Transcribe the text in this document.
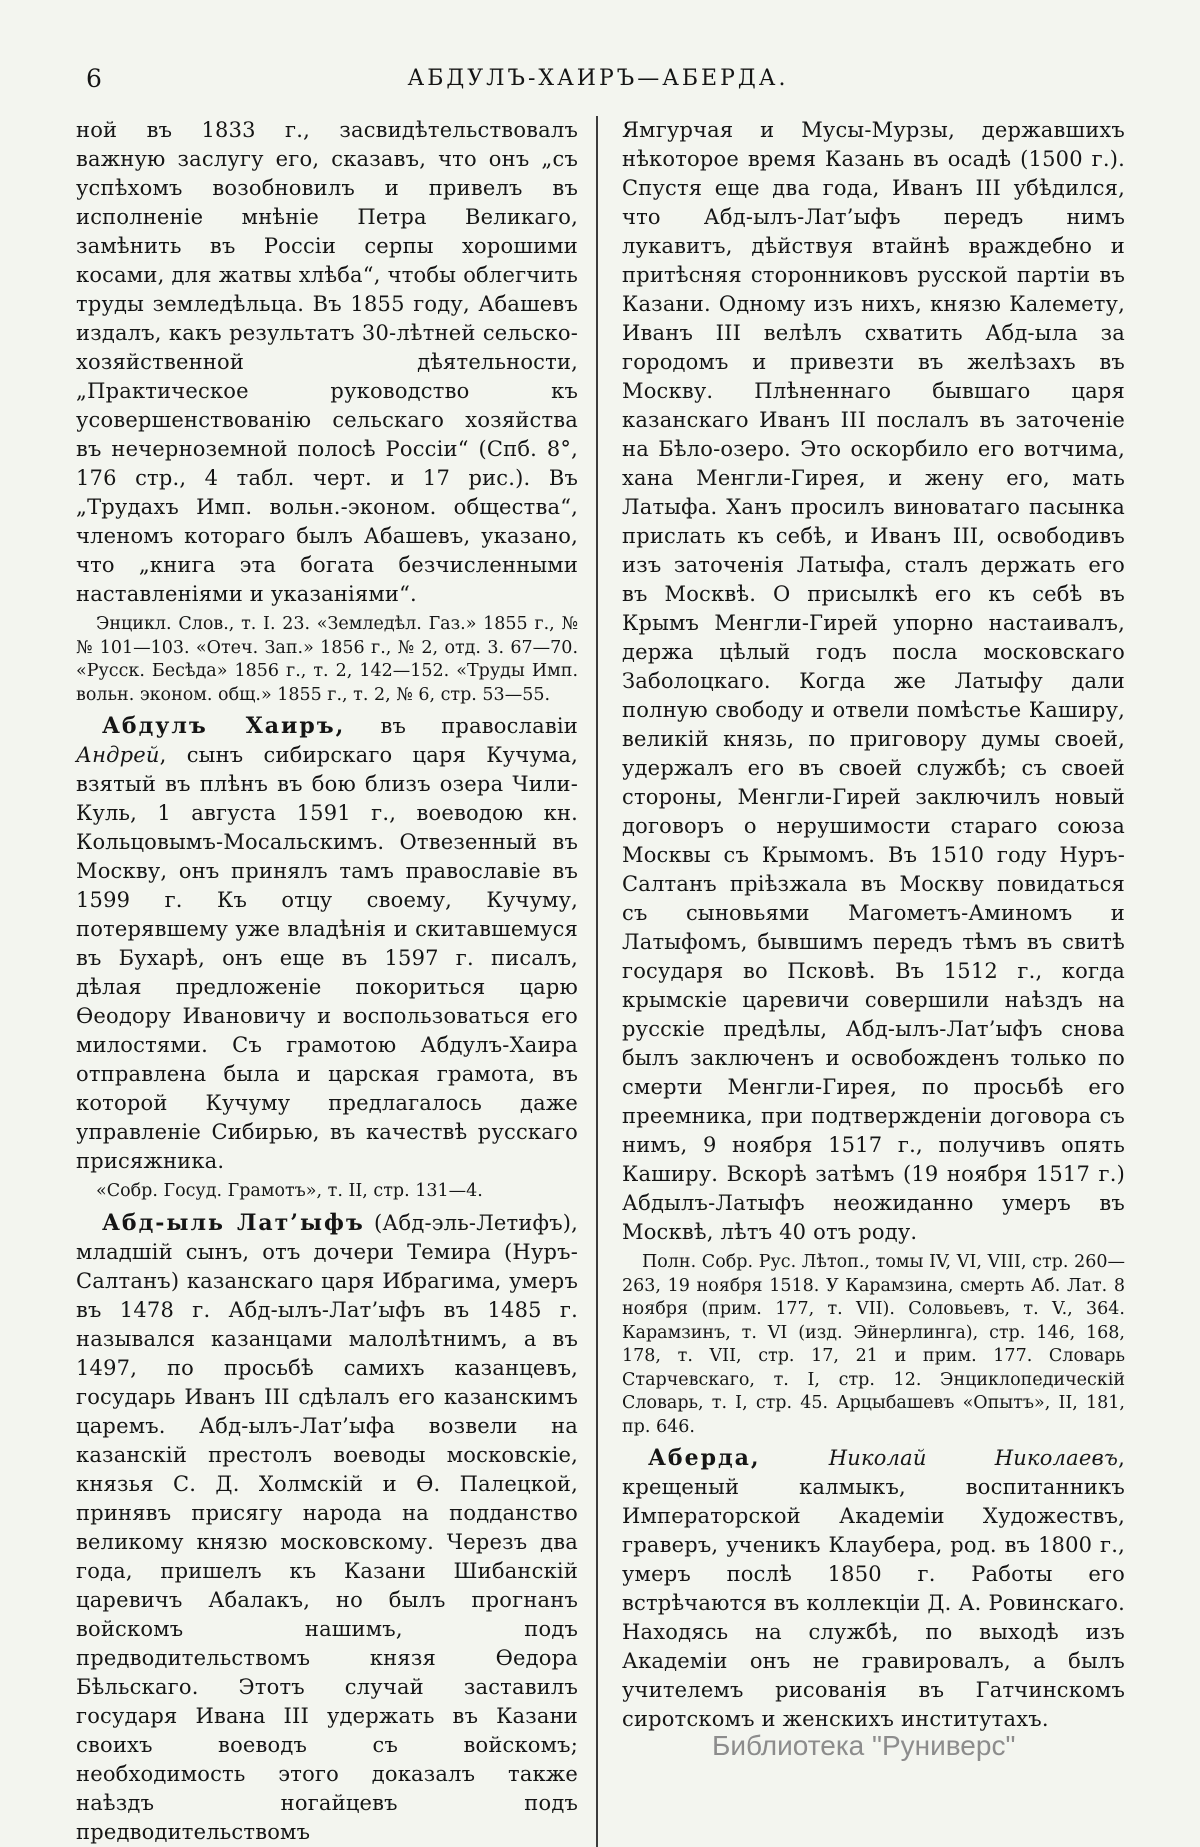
6	АБДУЛЪ-ХАИРЪ—АБЕРДА.

ной въ 1833 г., засвидѣтельствовалъ важную заслугу его, сказавъ, что онъ „съ успѣхомъ возобновилъ и привелъ въ исполненіе мнѣніе Петра Великаго, замѣнить въ Россіи серпы хорошими косами, для жатвы хлѣба“, чтобы облегчить труды земледѣльца. Въ 1855 году, Абашевъ издалъ, какъ результатъ 30-лѣтней сельско-хозяйственной дѣятельности, „Практическое руководство къ усовершенствованію сельскаго хозяйства въ нечерноземной полосѣ Россіи“ (Спб. 8°, 176 стр., 4 табл. черт. и 17 рис.). Въ „Трудахъ Имп. вольн.-эконом. общества“, членомъ котораго былъ Абашевъ, указано, что „книга эта богата безчисленными наставленіями и указаніями“.

Энцикл. Слов., т. I. 23. «Земледѣл. Газ.» 1855 г., №№ 101—103. «Отеч. Зап.» 1856 г., № 2, отд. 3. 67—70. «Русск. Бесѣда» 1856 г., т. 2, 142—152. «Труды Имп. вольн. эконом. общ.» 1855 г., т. 2, № 6, стр. 53—55.

Абдулъ Хаиръ, въ православіи Андрей, сынъ сибирскаго царя Кучума, взятый въ плѣнъ въ бою близъ озера Чили-Куль, 1 августа 1591 г., воеводою кн. Кольцовымъ-Мосальскимъ. Отвезенный въ Москву, онъ принялъ тамъ православіе въ 1599 г. Къ отцу своему, Кучуму, потерявшему уже владѣнія и скитавшемуся въ Бухарѣ, онъ еще въ 1597 г. писалъ, дѣлая предложеніе покориться царю Ѳеодору Ивановичу и воспользоваться его милостями. Съ грамотою Абдулъ-Хаира отправлена была и царская грамота, въ которой Кучуму предлагалось даже управленіе Сибирью, въ качествѣ русскаго присяжника.

«Собр. Госуд. Грамотъ», т. II, стр. 131—4.

Абд-ыль Лат’ыфъ (Абд-эль-Летифъ), младшій сынъ, отъ дочери Темира (Нуръ-Салтанъ) казанскаго царя Ибрагима, умеръ въ 1478 г. Абд-ылъ-Лат’ыфъ въ 1485 г. назывался казанцами малолѣтнимъ, а въ 1497, по просьбѣ самихъ казанцевъ, государь Иванъ III сдѣлалъ его казанскимъ царемъ. Абд-ылъ-Лат’ыфа возвели на казанскій престолъ воеводы московскіе, князья С. Д. Холмскій и Ѳ. Палецкой, принявъ присягу народа на подданство великому князю московскому. Черезъ два года, пришелъ къ Казани Шибанскій царевичъ Абалакъ, но былъ прогнанъ войскомъ нашимъ, подъ предводительствомъ князя Ѳедора Бѣльскаго. Этотъ случай заставилъ государя Ивана III удержать въ Казани своихъ воеводъ съ войскомъ; необходимость этого доказалъ также наѣздъ ногайцевъ подъ предводительствомъ

Ямгурчая и Мусы-Мурзы, державшихъ нѣкоторое время Казань въ осадѣ (1500 г.). Спустя еще два года, Иванъ III убѣдился, что Абд-ылъ-Лат’ыфъ передъ нимъ лукавитъ, дѣйствуя втайнѣ враждебно и притѣсняя сторонниковъ русской партіи въ Казани. Одному изъ нихъ, князю Калемету, Иванъ III велѣлъ схватить Абд-ыла за городомъ и привезти въ желѣзахъ въ Москву. Плѣненнаго бывшаго царя казанскаго Иванъ III послалъ въ заточеніе на Бѣло-озеро. Это оскорбило его вотчима, хана Менгли-Гирея, и жену его, мать Латыфа. Ханъ просилъ виноватаго пасынка прислать къ себѣ, и Иванъ III, освободивъ изъ заточенія Латыфа, сталъ держать его въ Москвѣ. О присылкѣ его къ себѣ въ Крымъ Менгли-Гирей упорно настаивалъ, держа цѣлый годъ посла московскаго Заболоцкаго. Когда же Латыфу дали полную свободу и отвели помѣстье Каширу, великій князь, по приговору думы своей, удержалъ его въ своей службѣ; съ своей стороны, Менгли-Гирей заключилъ новый договоръ о нерушимости стараго союза Москвы съ Крымомъ. Въ 1510 году Нуръ-Салтанъ пріѣзжала въ Москву повидаться съ сыновьями Магометъ-Аминомъ и Латыфомъ, бывшимъ передъ тѣмъ въ свитѣ государя во Псковѣ. Въ 1512 г., когда крымскіе царевичи совершили наѣздъ на русскіе предѣлы, Абд-ылъ-Лат’ыфъ снова былъ заключенъ и освобожденъ только по смерти Менгли-Гирея, по просьбѣ его преемника, при подтвержденіи договора съ нимъ, 9 ноября 1517 г., получивъ опять Каширу. Вскорѣ затѣмъ (19 ноября 1517 г.) Абдылъ-Латыфъ неожиданно умеръ въ Москвѣ, лѣтъ 40 отъ роду.

Полн. Собр. Рус. Лѣтоп., томы IV, VI, VIII, стр. 260—263, 19 ноября 1518. У Карамзина, смерть Аб. Лат. 8 ноября (прим. 177, т. VII). Соловьевъ, т. V., 364. Карамзинъ, т. VI (изд. Эйнерлинга), стр. 146, 168, 178, т. VII, стр. 17, 21 и прим. 177. Словарь Старчевскаго, т. I, стр. 12. Энциклопедическій Словарь, т. I, стр. 45. Арцыбашевъ «Опытъ», II, 181, пр. 646.

Аберда,	Николай Николаевъ, крещеный калмыкъ, воспитанникъ Императорской Академіи Художествъ, граверъ, ученикъ Клаубера, род. въ 1800 г., умеръ послѣ 1850 г. Работы его встрѣчаются въ коллекціи Д. А. Ровинскаго. Находясь на службѣ, по выходѣ изъ Академіи онъ не гравировалъ, а былъ учителемъ рисованія въ Гатчинскомъ сиротскомъ и женскихъ институтахъ.

Библиотека "Руниверс"
